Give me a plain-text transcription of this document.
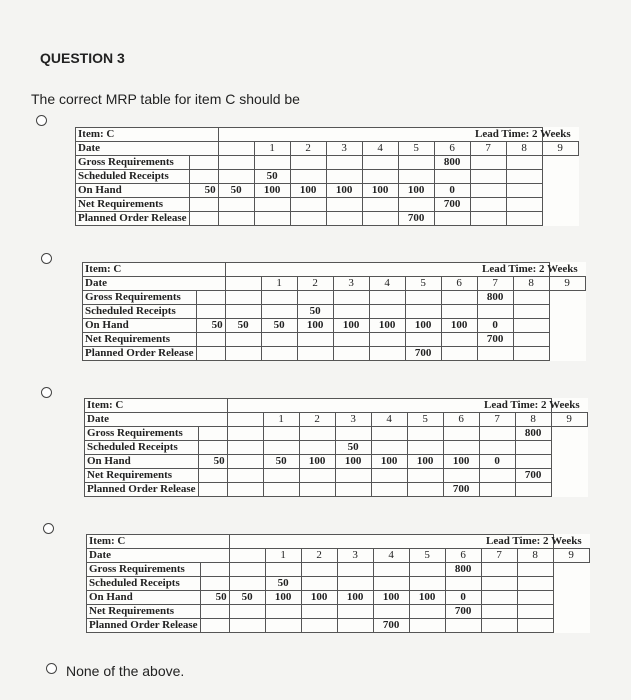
QUESTION 3
The correct MRP table for item C should be
None of the above.
Item: C											
Date			1	2	3	4	5	6	7	8	9
Gross Requirements								800			
Scheduled Receipts			50								
On Hand	50	50	100	100	100	100	100	0			
Net Requirements								700			
Planned Order Release							700				
Lead Time: 2 Weeks
Item: C											
Date			1	2	3	4	5	6	7	8	9
Gross Requirements									800		
Scheduled Receipts				50							
On Hand	50	50	50	100	100	100	100	100	0		
Net Requirements									700		
Planned Order Release							700				
Lead Time: 2 Weeks
Item: C											
Date			1	2	3	4	5	6	7	8	9
Gross Requirements										800	
Scheduled Receipts					50						
On Hand	50		50	100	100	100	100	100	0		
Net Requirements										700	
Planned Order Release								700			
Lead Time: 2 Weeks
Item: C											
Date			1	2	3	4	5	6	7	8	9
Gross Requirements								800			
Scheduled Receipts			50								
On Hand	50	50	100	100	100	100	100	0			
Net Requirements								700			
Planned Order Release						700					
Lead Time: 2 Weeks
